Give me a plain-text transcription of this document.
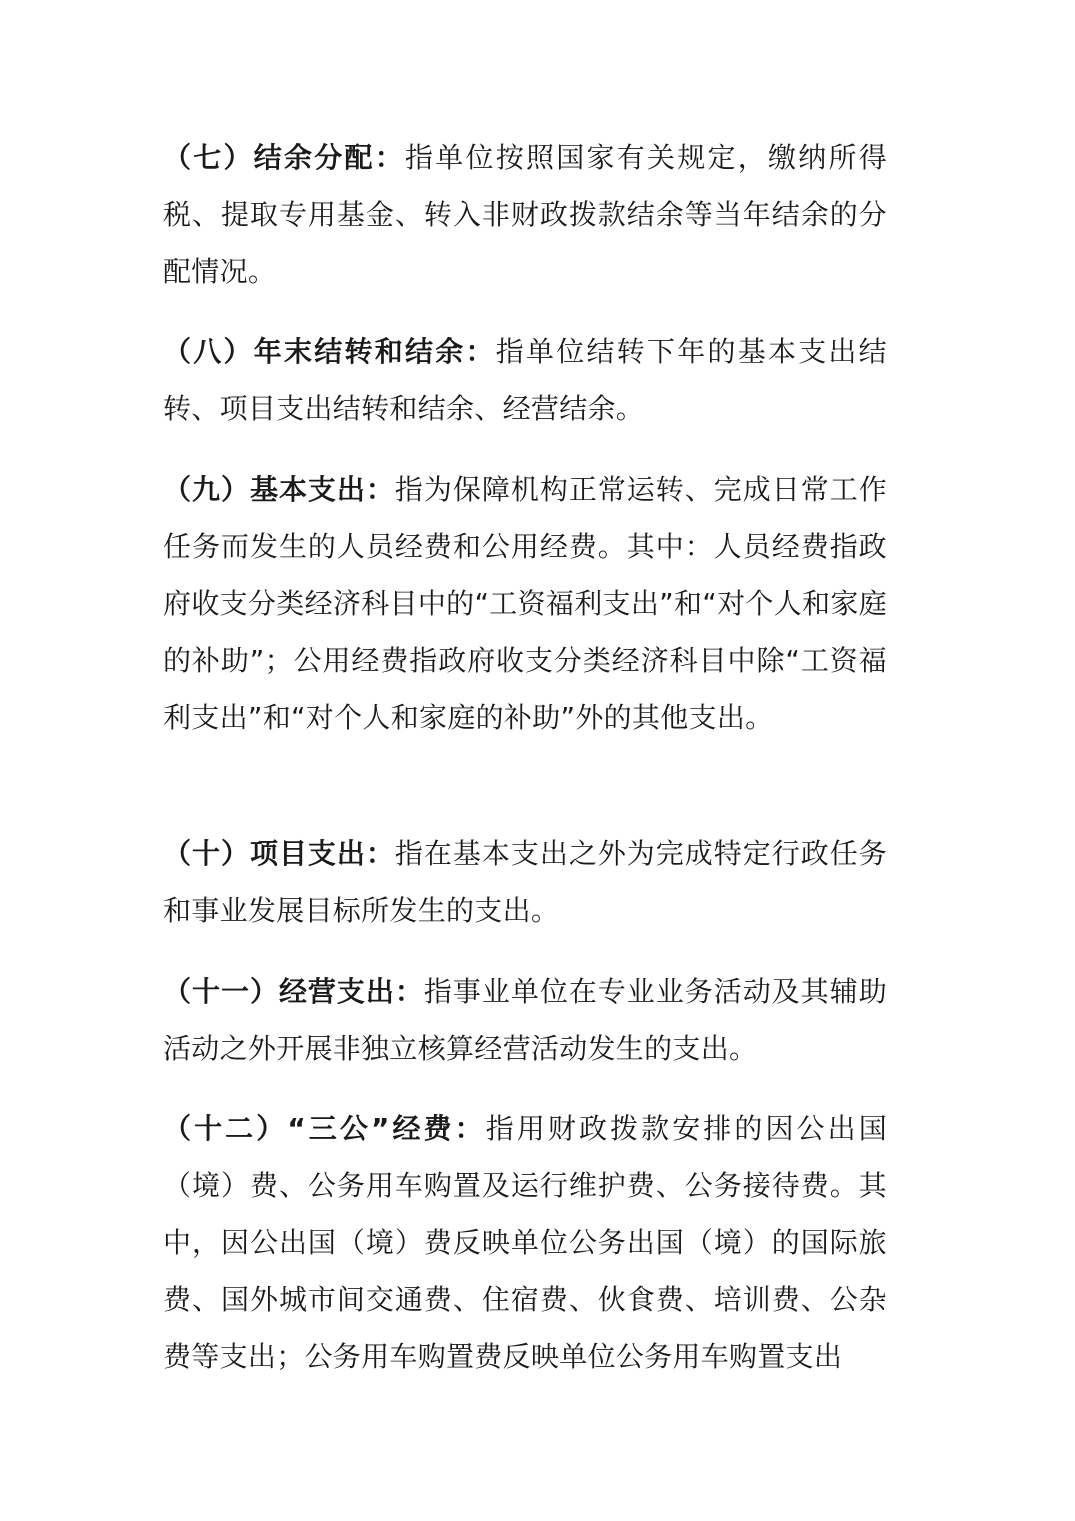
（七）结余分配：指单位按照国家有关规定，缴纳所得税、提取专用基金、转入非财政拨款结余等当年结余的分配情况。

（八）年末结转和结余：指单位结转下年的基本支出结转、项目支出结转和结余、经营结余。

（九）基本支出：指为保障机构正常运转、完成日常工作任务而发生的人员经费和公用经费。其中：人员经费指政府收支分类经济科目中的“工资福利支出”和“对个人和家庭的补助”；公用经费指政府收支分类经济科目中除“工资福利支出”和“对个人和家庭的补助”外的其他支出。

（十）项目支出：指在基本支出之外为完成特定行政任务和事业发展目标所发生的支出。

（十一）经营支出：指事业单位在专业业务活动及其辅助活动之外开展非独立核算经营活动发生的支出。

（十二）“三公”经费：指用财政拨款安排的因公出国（境）费、公务用车购置及运行维护费、公务接待费。其中，因公出国（境）费反映单位公务出国（境）的国际旅费、国外城市间交通费、住宿费、伙食费、培训费、公杂费等支出；公务用车购置费反映单位公务用车购置支出
